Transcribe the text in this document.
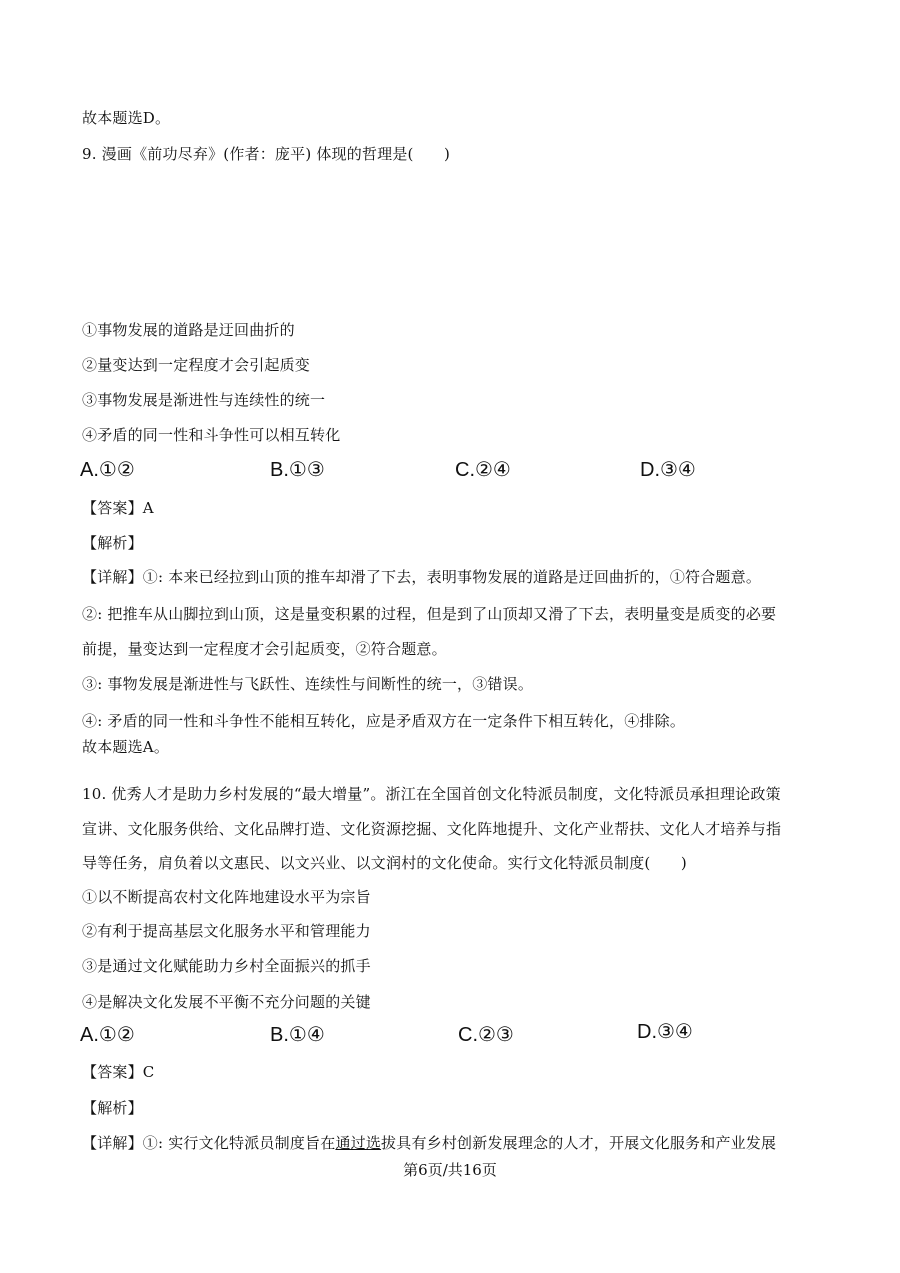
故本题选D。
9. 漫画《前功尽弃》(作者：庞平) 体现的哲理是(　　)
①事物发展的道路是迂回曲折的
②量变达到一定程度才会引起质变
③事物发展是渐进性与连续性的统一
④矛盾的同一性和斗争性可以相互转化
A.①②	B.①③	C.②④	D.③④
【答案】A
【解析】
【详解】①: 本来已经拉到山顶的推车却滑了下去，表明事物发展的道路是迂回曲折的，①符合题意。
②: 把推车从山脚拉到山顶，这是量变积累的过程，但是到了山顶却又滑了下去，表明量变是质变的必要
前提，量变达到一定程度才会引起质变，②符合题意。
③: 事物发展是渐进性与飞跃性、连续性与间断性的统一，③错误。
④: 矛盾的同一性和斗争性不能相互转化，应是矛盾双方在一定条件下相互转化，④排除。
故本题选A。
10. 优秀人才是助力乡村发展的“最大增量”。浙江在全国首创文化特派员制度，文化特派员承担理论政策
宣讲、文化服务供给、文化品牌打造、文化资源挖掘、文化阵地提升、文化产业帮扶、文化人才培养与指
导等任务，肩负着以文惠民、以文兴业、以文润村的文化使命。实行文化特派员制度(　　)
①以不断提高农村文化阵地建设水平为宗旨
②有利于提高基层文化服务水平和管理能力
③是通过文化赋能助力乡村全面振兴的抓手
④是解决文化发展不平衡不充分问题的关键
A.①②	B.①④	C.②③	D.③④
【答案】C
【解析】
【详解】①: 实行文化特派员制度旨在通过选拔具有乡村创新发展理念的人才，开展文化服务和产业发展
第6页/共16页
